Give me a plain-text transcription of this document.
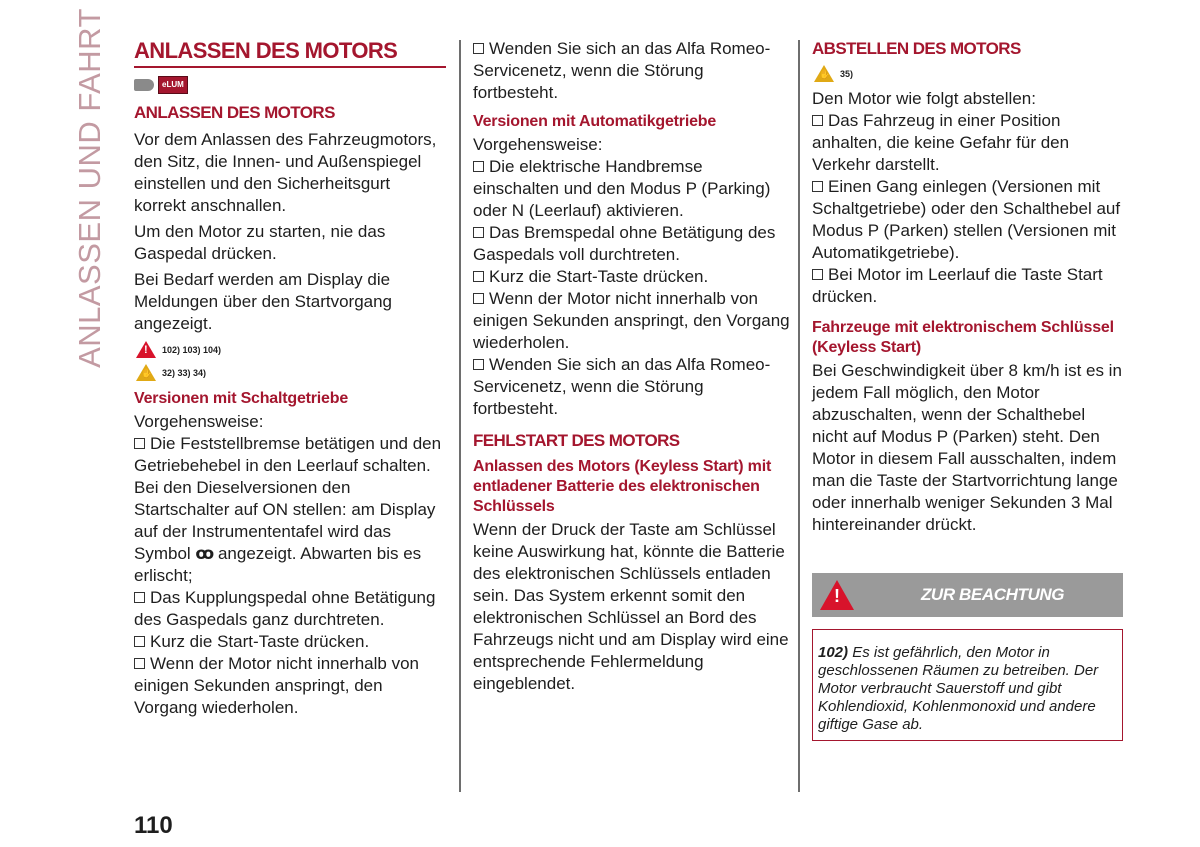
ANLASSEN UND FAHRT ANLASSEN DES MOTORS
eLUM
ANLASSEN DES MOTORS

Vor dem Anlassen des Fahrzeugmotors, den Sitz, die Innen- und Außenspiegel einstellen und den Sicherheitsgurt korrekt anschnallen.

Um den Motor zu starten, nie das Gaspedal drücken.

Bei Bedarf werden am Display die Meldungen über den Startvorgang angezeigt.

!
102) 103) 104)
✋
32) 33) 34)
Versionen mit Schaltgetriebe

Vorgehensweise:

Die Feststellbremse betätigen und den Getriebehebel in den Leerlauf schalten. Bei den Dieselversionen den Startschalter auf ON stellen: am Display auf der Instrumententafel wird das Symbol ꝏ angezeigt. Abwarten bis es erlischt;

Das Kupplungspedal ohne Betätigung des Gaspedals ganz durchtreten.

Kurz die Start-Taste drücken.

Wenn der Motor nicht innerhalb von einigen Sekunden anspringt, den Vorgang wiederholen.

Wenden Sie sich an das Alfa Romeo-Servicenetz, wenn die Störung fortbesteht.

Versionen mit Automatikgetriebe

Vorgehensweise:

Die elektrische Handbremse einschalten und den Modus P (Parking) oder N (Leerlauf) aktivieren.

Das Bremspedal ohne Betätigung des Gaspedals voll durchtreten.

Kurz die Start-Taste drücken.

Wenn der Motor nicht innerhalb von einigen Sekunden anspringt, den Vorgang wiederholen.

Wenden Sie sich an das Alfa Romeo-Servicenetz, wenn die Störung fortbesteht.

FEHLSTART DES MOTORS
Anlassen des Motors (Keyless Start) mit entladener Batterie des elektronischen Schlüssels

Wenn der Druck der Taste am Schlüssel keine Auswirkung hat, könnte die Batterie des elektronischen Schlüssels entladen sein. Das System erkennt somit den elektronischen Schlüssel an Bord des Fahrzeugs nicht und am Display wird eine entsprechende Fehlermeldung eingeblendet.

ABSTELLEN DES MOTORS
✋
35)

Den Motor wie folgt abstellen:

Das Fahrzeug in einer Position anhalten, die keine Gefahr für den Verkehr darstellt.

Einen Gang einlegen (Versionen mit Schaltgetriebe) oder den Schalthebel auf Modus P (Parken) stellen (Versionen mit Automatikgetriebe).

Bei Motor im Leerlauf die Taste Start drücken.

Fahrzeuge mit elektronischem Schlüssel (Keyless Start)

Bei Geschwindigkeit über 8 km/h ist es in jedem Fall möglich, den Motor abzuschalten, wenn der Schalthebel nicht auf Modus P (Parken) steht. Den Motor in diesem Fall ausschalten, indem man die Taste der Startvorrichtung lange oder innerhalb weniger Sekunden 3 Mal hintereinander drückt.

!
ZUR BEACHTUNG
102) Es ist gefährlich, den Motor in geschlossenen Räumen zu betreiben. Der Motor verbraucht Sauerstoff und gibt Kohlendioxid, Kohlenmonoxid und andere giftige Gase ab.
110
